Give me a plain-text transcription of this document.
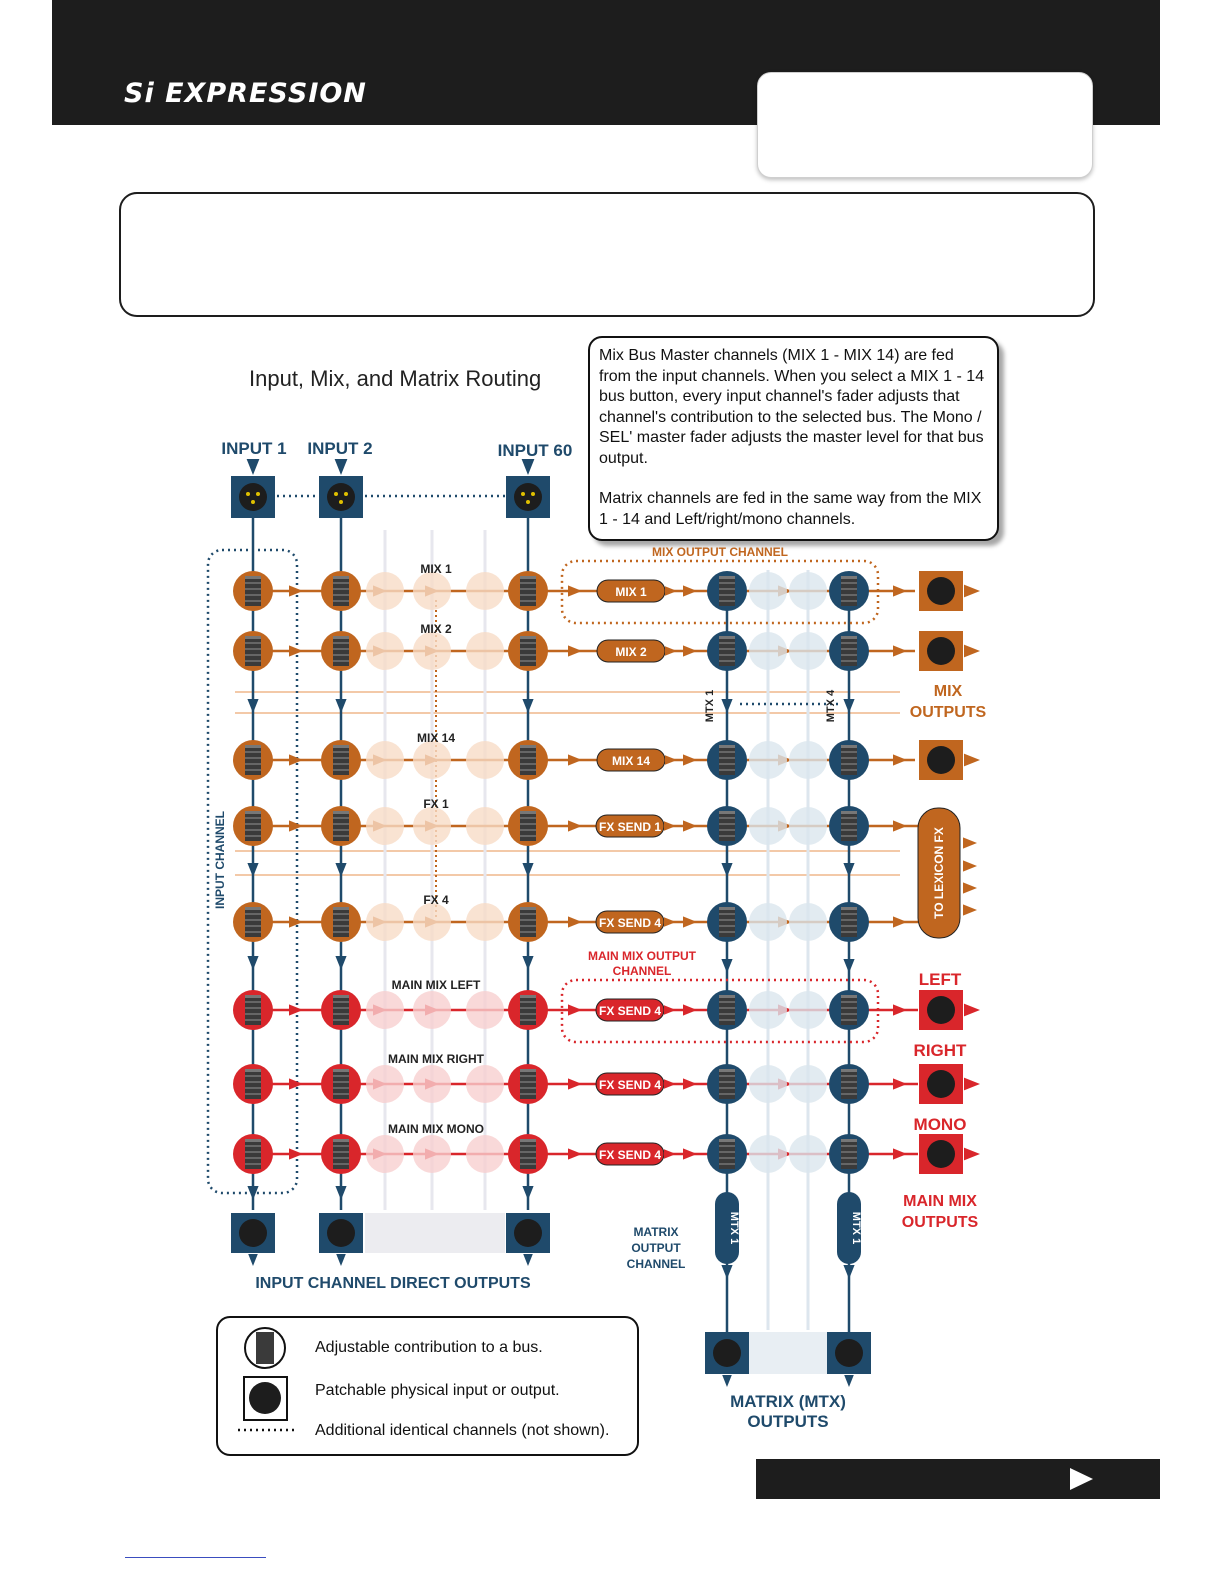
Si EXPRESSION
Input, Mix, and Matrix Routing

Mix Bus Master channels (MIX 1 - MIX 14) are fed from the input channels. When you select a MIX 1 - 14 bus button, every input channel's fader adjusts that channel's contribution to the selected bus. The Mono / SEL' master fader adjusts the master level for that bus output.

Matrix channels are fed in the same way from the MIX 1 - 14 and Left/right/mono channels.

INPUT 1 INPUT 2	INPUT 60
MIX 1
MIX 1
MIX 2
MIX 2
MIX 14
MIX 14
FX 1
FX SEND 1
FX 4
FX SEND 4
MAIN MIX LEFT
FX SEND 4
MAIN MIX RIGHT
FX SEND 4
MAIN MIX MONO
FX SEND 4
INPUT CHANNEL
MIX OUTPUT CHANNEL
MAIN MIX OUTPUT
CHANNEL
MTX 1	MTX 4	MIX
OUTPUTS
TO LEXICON FX
LEFT
RIGHT
MONO
MAIN MIX
OUTPUTS
MTX 1	MTX 1
MATRIX
OUTPUT
CHANNEL
INPUT CHANNEL DIRECT OUTPUTS
MATRIX (MTX)
OUTPUTS
Adjustable contribution to a bus.
Patchable physical input or output.
Additional identical channels (not shown).
